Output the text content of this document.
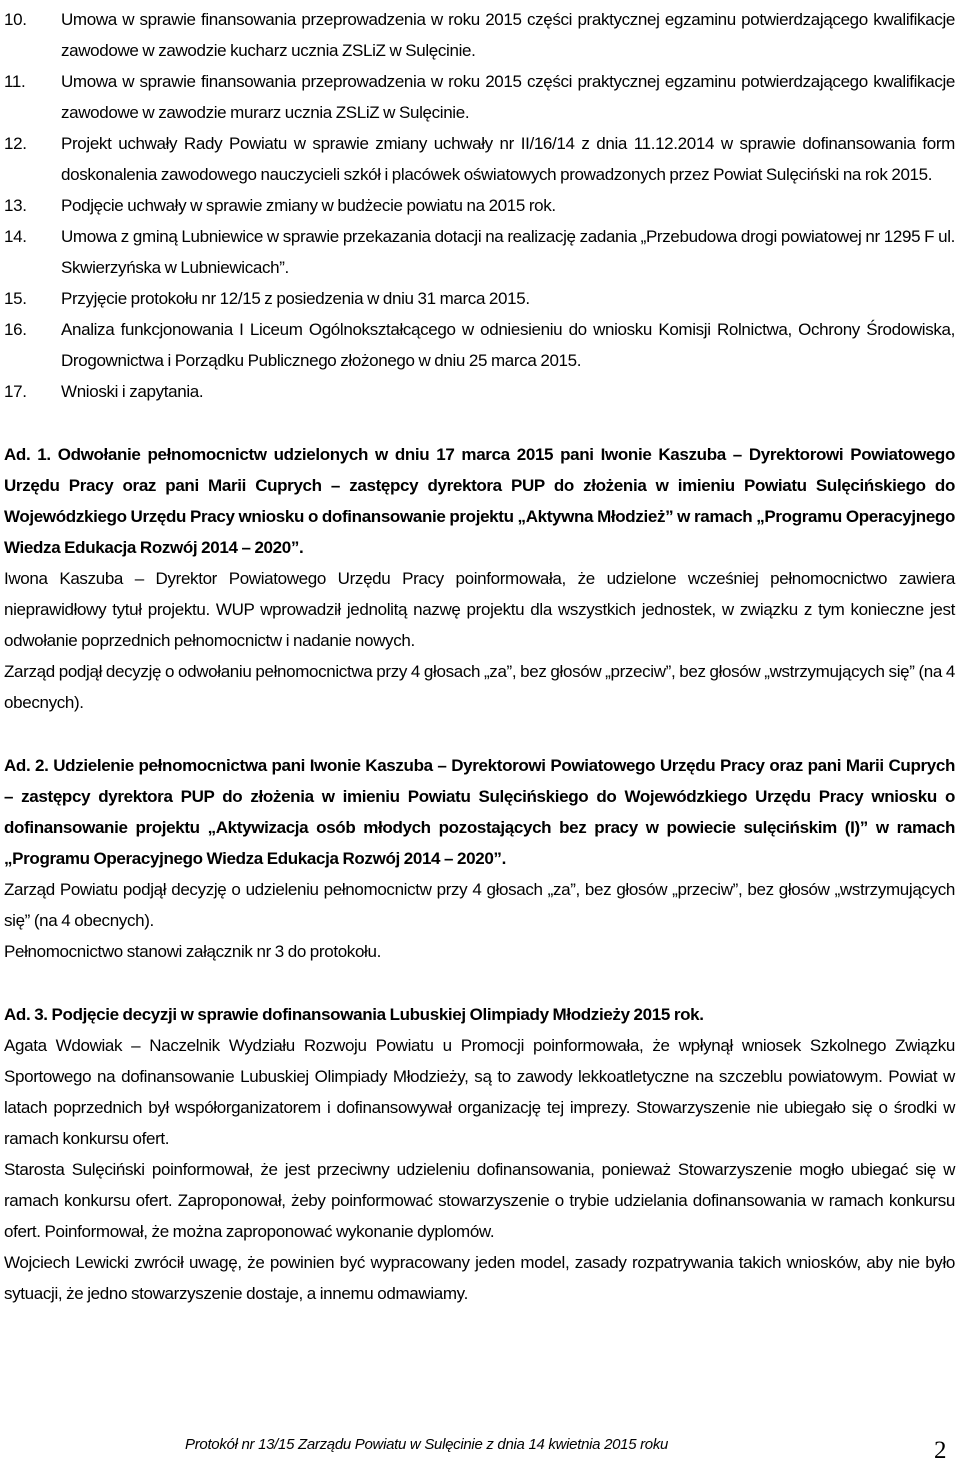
10.	Umowa w sprawie finansowania przeprowadzenia w roku 2015 części praktycznej egzaminu potwierdzającego kwalifikacje zawodowe w zawodzie kucharz ucznia ZSLiZ w Sulęcinie.
11.	Umowa w sprawie finansowania przeprowadzenia w roku 2015 części praktycznej egzaminu potwierdzającego kwalifikacje zawodowe w zawodzie murarz ucznia ZSLiZ w Sulęcinie.
12.	Projekt uchwały Rady Powiatu w sprawie zmiany uchwały nr II/16/14 z dnia 11.12.2014 w sprawie dofinansowania form doskonalenia zawodowego nauczycieli szkół i placówek oświatowych prowadzonych przez Powiat Sulęciński na rok 2015.
13.	Podjęcie uchwały w sprawie zmiany w budżecie powiatu na 2015 rok.
14.	Umowa z gminą Lubniewice w sprawie przekazania dotacji na realizację zadania „Przebudowa drogi powiatowej nr 1295 F ul. Skwierzyńska w Lubniewicach”.
15.	Przyjęcie protokołu nr 12/15 z posiedzenia w dniu 31 marca 2015.
16.	Analiza funkcjonowania I Liceum Ogólnokształcącego w odniesieniu do wniosku Komisji Rolnictwa, Ochrony Środowiska, Drogownictwa i Porządku Publicznego złożonego w dniu 25 marca 2015.
17.	Wnioski i zapytania.

Ad. 1. Odwołanie pełnomocnictw udzielonych w dniu 17 marca 2015 pani Iwonie Kaszuba – Dyrektorowi Powiatowego Urzędu Pracy oraz pani Marii Cuprych – zastępcy dyrektora PUP do złożenia w imieniu Powiatu Sulęcińskiego do Wojewódzkiego Urzędu Pracy wniosku o dofinansowanie projektu „Aktywna Młodzież” w ramach „Programu Operacyjnego Wiedza Edukacja Rozwój 2014 – 2020”.

Iwona Kaszuba – Dyrektor Powiatowego Urzędu Pracy poinformowała, że udzielone wcześniej pełnomocnictwo zawiera nieprawidłowy tytuł projektu. WUP wprowadził jednolitą nazwę projektu dla wszystkich jednostek, w związku z tym konieczne jest odwołanie poprzednich pełnomocnictw i nadanie nowych.

Zarząd podjął decyzję o odwołaniu pełnomocnictwa przy 4 głosach „za”, bez głosów „przeciw”, bez głosów „wstrzymujących się” (na 4 obecnych).

Ad. 2. Udzielenie pełnomocnictwa pani Iwonie Kaszuba – Dyrektorowi Powiatowego Urzędu Pracy oraz pani Marii Cuprych – zastępcy dyrektora PUP do złożenia w imieniu Powiatu Sulęcińskiego do Wojewódzkiego Urzędu Pracy wniosku o dofinansowanie projektu „Aktywizacja osób młodych pozostających bez pracy w powiecie sulęcińskim (I)” w ramach „Programu Operacyjnego Wiedza Edukacja Rozwój 2014 – 2020”.

Zarząd Powiatu podjął decyzję o udzieleniu pełnomocnictw przy 4 głosach „za”, bez głosów „przeciw”, bez głosów „wstrzymujących się” (na 4 obecnych).

Pełnomocnictwo stanowi załącznik nr 3 do protokołu.

Ad. 3. Podjęcie decyzji w sprawie dofinansowania Lubuskiej Olimpiady Młodzieży 2015 rok.

Agata Wdowiak – Naczelnik Wydziału Rozwoju Powiatu u Promocji poinformowała, że wpłynął wniosek Szkolnego Związku Sportowego na dofinansowanie Lubuskiej Olimpiady Młodzieży, są to zawody lekkoatletyczne na szczeblu powiatowym. Powiat w latach poprzednich był współorganizatorem i dofinansowywał organizację tej imprezy. Stowarzyszenie nie ubiegało się o środki w ramach konkursu ofert.

Starosta Sulęciński poinformował, że jest przeciwny udzieleniu dofinansowania, ponieważ Stowarzyszenie mogło ubiegać się w ramach konkursu ofert. Zaproponował, żeby poinformować stowarzyszenie o trybie udzielania dofinansowania w ramach konkursu ofert. Poinformował, że można zaproponować wykonanie dyplomów.

Wojciech Lewicki zwrócił uwagę, że powinien być wypracowany jeden model, zasady rozpatrywania takich wniosków, aby nie było sytuacji, że jedno stowarzyszenie dostaje, a innemu odmawiamy.

Protokół nr 13/15 Zarządu Powiatu w Sulęcinie z dnia 14 kwietnia 2015 roku	2
